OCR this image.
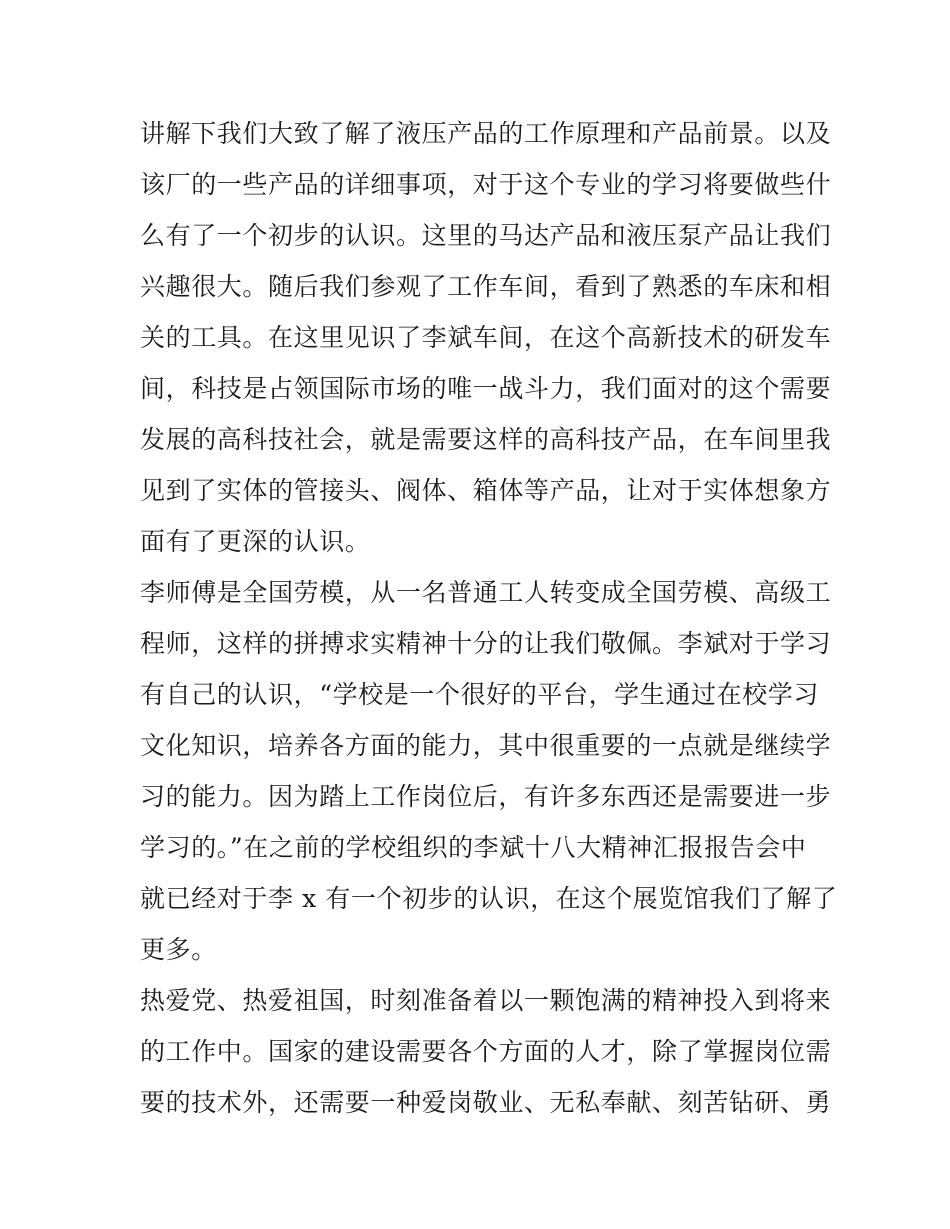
讲解下我们大致了解了液压产品的工作原理和产品前景。以及
该厂的一些产品的详细事项，对于这个专业的学习将要做些什
么有了一个初步的认识。这里的马达产品和液压泵产品让我们
兴趣很大。随后我们参观了工作车间，看到了熟悉的车床和相
关的工具。在这里见识了李斌车间，在这个高新技术的研发车
间，科技是占领国际市场的唯一战斗力，我们面对的这个需要
发展的高科技社会，就是需要这样的高科技产品，在车间里我
见到了实体的管接头、阀体、箱体等产品，让对于实体想象方
面有了更深的认识。
李师傅是全国劳模，从一名普通工人转变成全国劳模、高级工
程师，这样的拼搏求实精神十分的让我们敬佩。李斌对于学习
有自己的认识，“学校是一个很好的平台，学生通过在校学习
文化知识，培养各方面的能力，其中很重要的一点就是继续学
习的能力。因为踏上工作岗位后，有许多东西还是需要进一步
学习的。”在之前的学校组织的李斌十八大精神汇报报告会中
就已经对于李 x 有一个初步的认识，在这个展览馆我们了解了
更多。
热爱党、热爱祖国，时刻准备着以一颗饱满的精神投入到将来
的工作中。国家的建设需要各个方面的人才，除了掌握岗位需
要的技术外，还需要一种爱岗敬业、无私奉献、刻苦钻研、勇
